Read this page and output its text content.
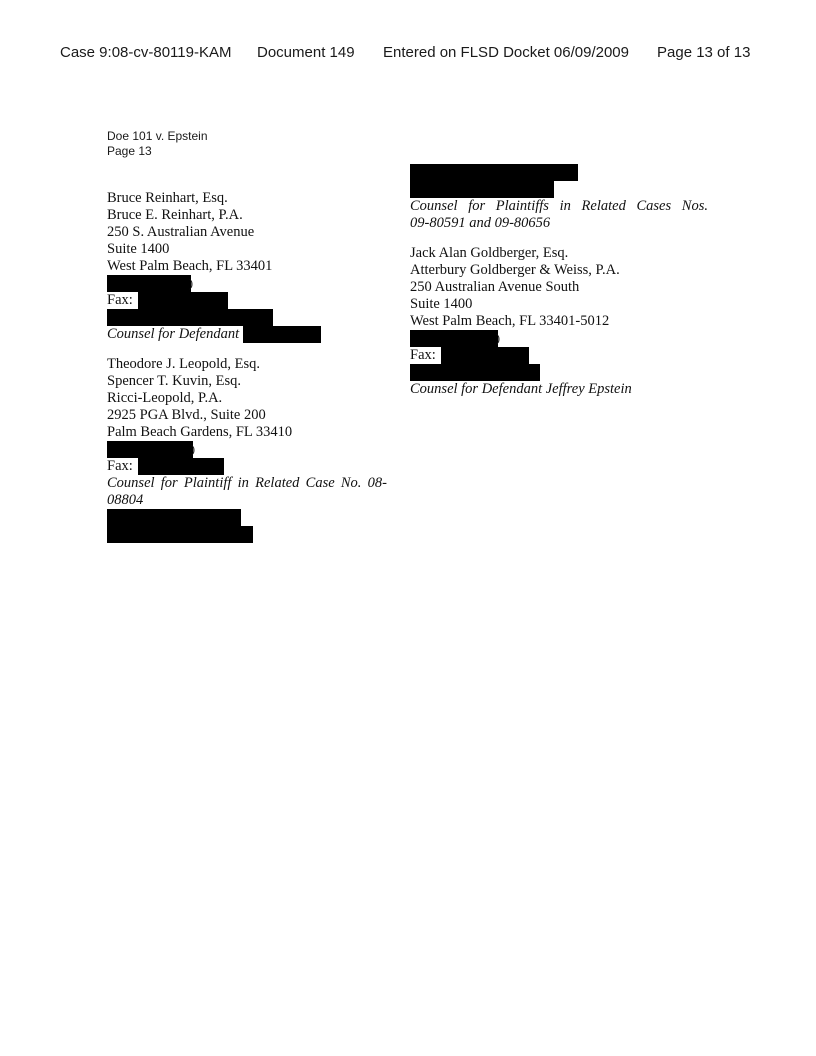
Case 9:08-cv-80119-KAM Document 149 Entered on FLSD Docket 06/09/2009 Page 13 of 13
Doe 101 v. Epstein
Page 13
Bruce Reinhart, Esq.
Bruce E. Reinhart, P.A.
250 S. Australian Avenue
Suite 1400
West Palm Beach, FL 33401
)
Fax:
Counsel for Defendant
Theodore J. Leopold, Esq.
Spencer T. Kuvin, Esq.
Ricci-Leopold, P.A.
2925 PGA Blvd., Suite 200
Palm Beach Gardens, FL 33410
)
Fax:
Counsel for Plaintiff in Related Case No. 08-
08804
Counsel for Plaintiffs in Related Cases Nos.
09-80591 and 09-80656
Jack Alan Goldberger, Esq.
Atterbury Goldberger & Weiss, P.A.
250 Australian Avenue South
Suite 1400
West Palm Beach, FL 33401-5012
)
Fax:
Counsel for Defendant Jeffrey Epstein
